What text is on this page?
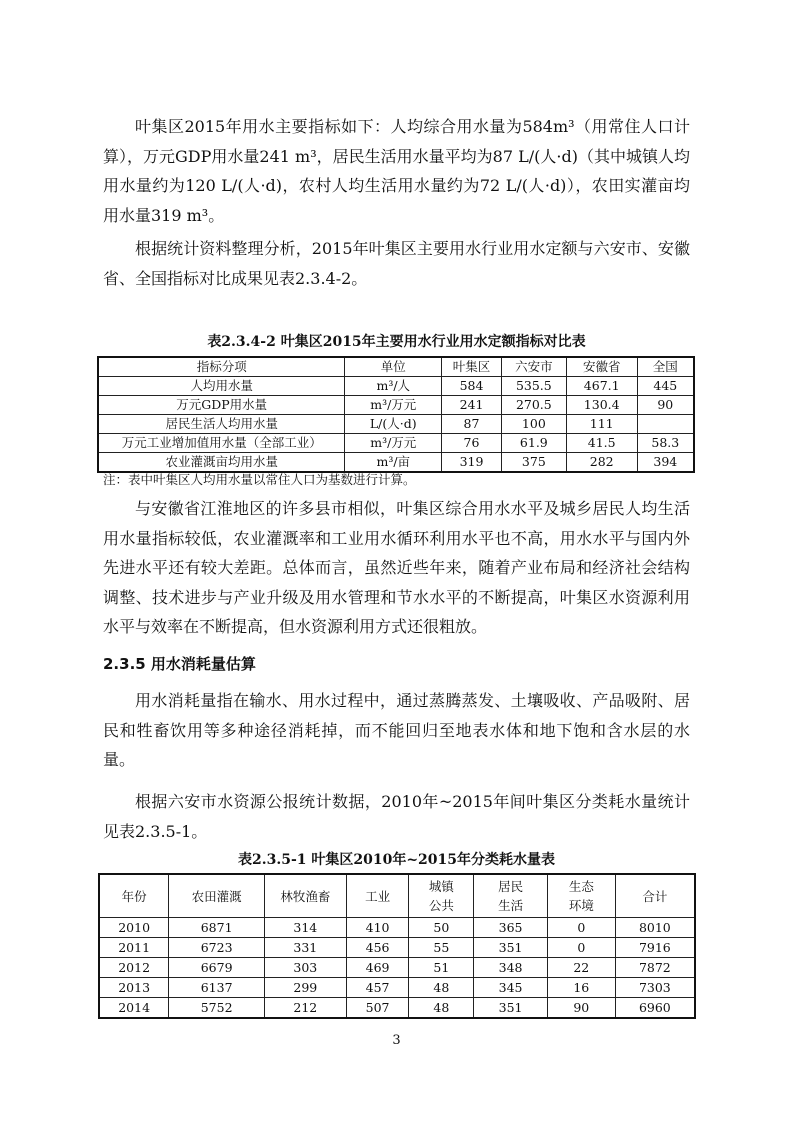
叶集区2015年用水主要指标如下：人均综合用水量为584m³（用常住人口计算），万元GDP用水量241 m³，居民生活用水量平均为87 L/(人·d)（其中城镇人均用水量约为120 L/(人·d)，农村人均生活用水量约为72 L/(人·d)），农田实灌亩均用水量319 m³。

根据统计资料整理分析，2015年叶集区主要用水行业用水定额与六安市、安徽省、全国指标对比成果见表2.3.4-2。

表2.3.4-2 叶集区2015年主要用水行业用水定额指标对比表
指标分项	单位	叶集区	六安市	安徽省	全国
人均用水量	m³/人	584	535.5	467.1	445
万元GDP用水量	m³/万元	241	270.5	130.4	90
居民生活人均用水量	L/(人·d)	87	100	111	
万元工业增加值用水量（全部工业）	m³/万元	76	61.9	41.5	58.3
农业灌溉亩均用水量	m³/亩	319	375	282	394
注：表中叶集区人均用水量以常住人口为基数进行计算。

与安徽省江淮地区的许多县市相似，叶集区综合用水水平及城乡居民人均生活用水量指标较低，农业灌溉率和工业用水循环利用水平也不高，用水水平与国内外先进水平还有较大差距。总体而言，虽然近些年来，随着产业布局和经济社会结构调整、技术进步与产业升级及用水管理和节水水平的不断提高，叶集区水资源利用水平与效率在不断提高，但水资源利用方式还很粗放。

2.3.5 用水消耗量估算

用水消耗量指在输水、用水过程中，通过蒸腾蒸发、土壤吸收、产品吸附、居民和牲畜饮用等多种途径消耗掉，而不能回归至地表水体和地下饱和含水层的水量。

根据六安市水资源公报统计数据，2010年~2015年间叶集区分类耗水量统计见表2.3.5-1。

表2.3.5-1 叶集区2010年~2015年分类耗水量表
年份	农田灌溉	林牧渔畜	工业	城镇
公共	居民
生活	生态
环境	合计
2010	6871	314	410	50	365	0	8010
2011	6723	331	456	55	351	0	7916
2012	6679	303	469	51	348	22	7872
2013	6137	299	457	48	345	16	7303
2014	5752	212	507	48	351	90	6960
3
